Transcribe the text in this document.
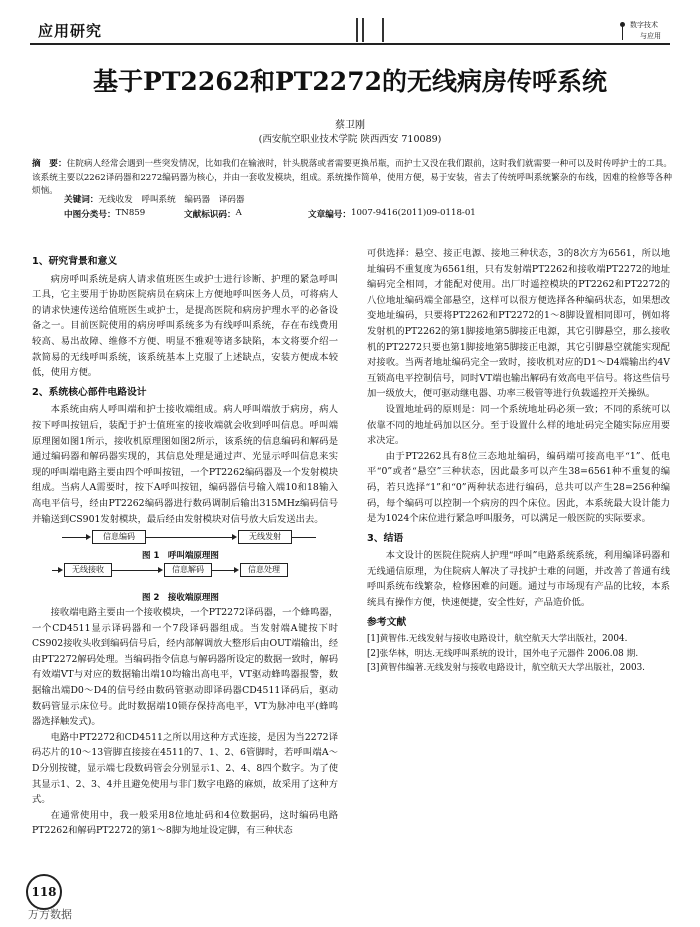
应用研究	数字技术
与应用
基于PT2262和PT2272的无线病房传呼系统
蔡卫刚
(西安航空职业技术学院 陕西西安 710089)
摘　要：住院病人经常会遇到一些突发情况，比如我们在输液时，针头脱落或者需要更换吊瓶，而护士又没在我们跟前，这时我们就需要一种可以及时传呼护士的工具。该系统主要以2262译码器和2272编码器为核心，并由一套收发模块，组成。系统操作简单，使用方便，易于安装，省去了传统呼叫系统繁杂的布线，因难的检修等各种烦恼。
关键词：无线收发　呼叫系统　编码器　译码器
中图分类号： TN859	文献标识码： A	文章编号： 1007-9416(2011)09-0118-01
1、研究背景和意义

病房呼叫系统是病人请求值班医生或护士进行诊断、护理的紧急呼叫工具，它主要用于协助医院病员在病床上方便地呼叫医务人员，可将病人的请求快速传送给值班医生或护士，是提高医院和病房护理水平的必备设备之一。目前医院使用的病房呼叫系统多为有线呼叫系统，存在布线费用较高、易出故障、维修不方便、明显不雅观等诸多缺陷，本文将要介绍一款简易的无线呼叫系统，该系统基本上克服了上述缺点，安装方便成本较低，使用方便。

2、系统核心部件电路设计

本系统由病人呼叫端和护士接收端组成。病人呼叫端放于病房，病人按下呼叫按钮后，装配于护士值班室的接收端就会收到呼叫信息。呼叫端原理图如图1所示，接收机原理图如图2所示，该系统的信息编码和解码是通过编码器和解码器实现的，其信息处理是通过声、光显示呼叫信息来实现的呼叫端电路主要由四个呼叫按钮，一个PT2262编码器及一个发射模块组成。当病人A需要时，按下A呼叫按钮，编码器信号输入端10和18输入高电平信号，经由PT2262编码器进行数码调制后输出315MHz编码信号并输送到CS901发射模块，最后经由发射模块对信号放大后发送出去。

信息编码	无线发射
图 1　呼叫端原理图
无线接收	信息解码	信息处理
图 2　接收端原理图

接收端电路主要由一个接收模块，一个PT2272译码器，一个蜂鸣器，一个CD4511显示译码器和一个7段译码器组成。当发射端A键按下时CS902接收头收到编码信号后，经内部解调放大整形后由OUT端输出，经由PT2272解码处理。当编码指令信息与解码器所设定的数据一致时，解码有效端VT与对应的数据输出端10均输出高电平，VT驱动蜂鸣器报警，数据输出端D0～D4的信号经由数码管驱动即译码器CD4511译码后，驱动数码管显示床位号。此时数据端10锁存保持高电平，VT为脉冲电平(蜂鸣器选择触发式)。

电路中PT2272和CD4511之所以用这种方式连接，是因为当2272译码芯片的10～13管脚直接接在4511的7、1、2、6管脚时，若呼叫端A～D分别按键，显示端七段数码管会分别显示1、2、4、8四个数字。为了使其显示1、2、3、4并且避免使用与非门数字电路的麻烦，故采用了这种方式。

在通常使用中，我一般采用8位地址码和4位数据码，这时编码电路PT2262和解码PT2272的第1～8脚为地址设定脚，有三种状态

可供选择：悬空、接正电源、接地三种状态，3的8次方为6561，所以地址编码不重复度为6561组，只有发射端PT2262和接收端PT2272的地址编码完全相同，才能配对使用。出厂时遥控模块的PT2262和PT2272的八位地址编码端全部悬空，这样可以很方便选择各种编码状态，如果想改变地址编码，只要将PT2262和PT2272的1～8脚设置相同即可，例如将发射机的PT2262的第1脚接地第5脚接正电源，其它引脚悬空，那么接收机的PT2272只要也第1脚接地第5脚接正电源，其它引脚悬空就能实现配对接收。当两者地址编码完全一致时，接收机对应的D1～D4端输出约4V互锁高电平控制信号，同时VT端也输出解码有效高电平信号。将这些信号加一级放大，便可驱动继电器、功率三极管等进行负载遥控开关操纵。

设置地址码的原则是：同一个系统地址码必须一致；不同的系统可以依靠不同的地址码加以区分。至于设置什么样的地址码完全随实际应用要求决定。

由于PT2262具有8位三态地址编码，编码端可接高电平“1”、低电平“0”或者“悬空”三种状态，因此最多可以产生38=6561种不重复的编码，若只选择“1”和“0”两种状态进行编码，总共可以产生28=256种编码，每个编码可以控制一个病房的四个床位。因此，本系统最大设计能力是为1024个床位进行紧急呼叫服务，可以满足一般医院的实际要求。

3、结语

本文设计的医院住院病人护理“呼叫”电路系统系统，利用编译码器和无线通信原理，为住院病人解决了寻找护士难的问题，并改善了普通有线呼叫系统布线繁杂，检修困难的问题。通过与市场现有产品的比较，本系统具有操作方便，快速便捷，安全性好，产品造价低。

参考文献
[1]黄智伟.无线发射与接收电路设计，航空航天大学出版社，2004.
[2]张华林，明达.无线呼叫系统的设计，国外电子元器件 2006.08 期.
[3]黄智伟编著.无线发射与接收电路设计，航空航天大学出版社，2003.
118
万方数据
